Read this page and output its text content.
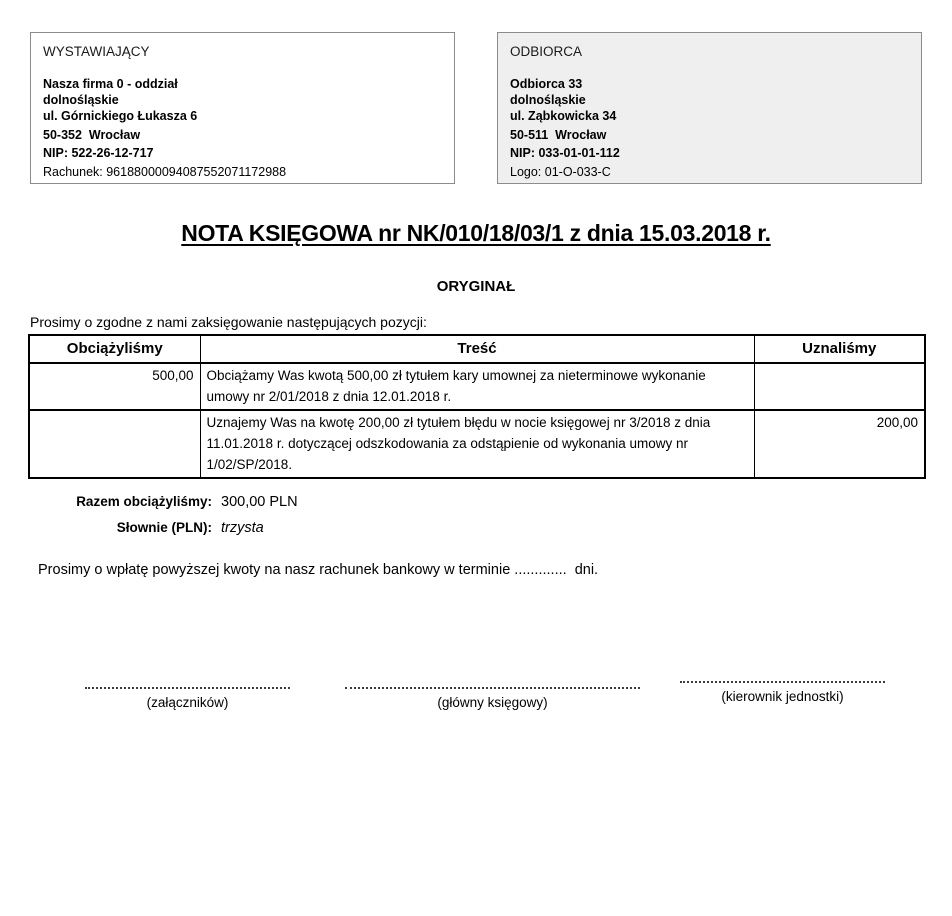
WYSTAWIAJĄCY
Nasza firma 0 - oddział
dolnośląskie
ul. Górnickiego Łukasza 6
50-352  Wrocław
NIP: 522-26-12-717
Rachunek: 96188000094087552071172988
ODBIORCA
Odbiorca 33
dolnośląskie
ul. Ząbkowicka 34
50-511  Wrocław
NIP: 033-01-01-112
Logo: 01-O-033-C
NOTA KSIĘGOWA nr NK/010/18/03/1 z dnia 15.03.2018 r.
ORYGINAŁ
Prosimy o zgodne z nami zaksięgowanie następujących pozycji:
Obciążyliśmy	Treść	Uznaliśmy
500,00	Obciążamy Was kwotą 500,00 zł tytułem kary umownej za nieterminowe wykonanie umowy nr 2/01/2018 z dnia 12.01.2018 r.	
	Uznajemy Was na kwotę 200,00 zł tytułem błędu w nocie księgowej nr 3/2018 z dnia 11.01.2018 r. dotyczącej odszkodowania za odstąpienie od wykonania umowy nr 1/02/SP/2018.	200,00
Razem obciążyliśmy: 300,00 PLN
Słownie (PLN): trzysta
Prosimy o wpłatę powyższej kwoty na nasz rachunek bankowy w terminie .............  dni.
(załączników)	(główny księgowy)	(kierownik jednostki)
